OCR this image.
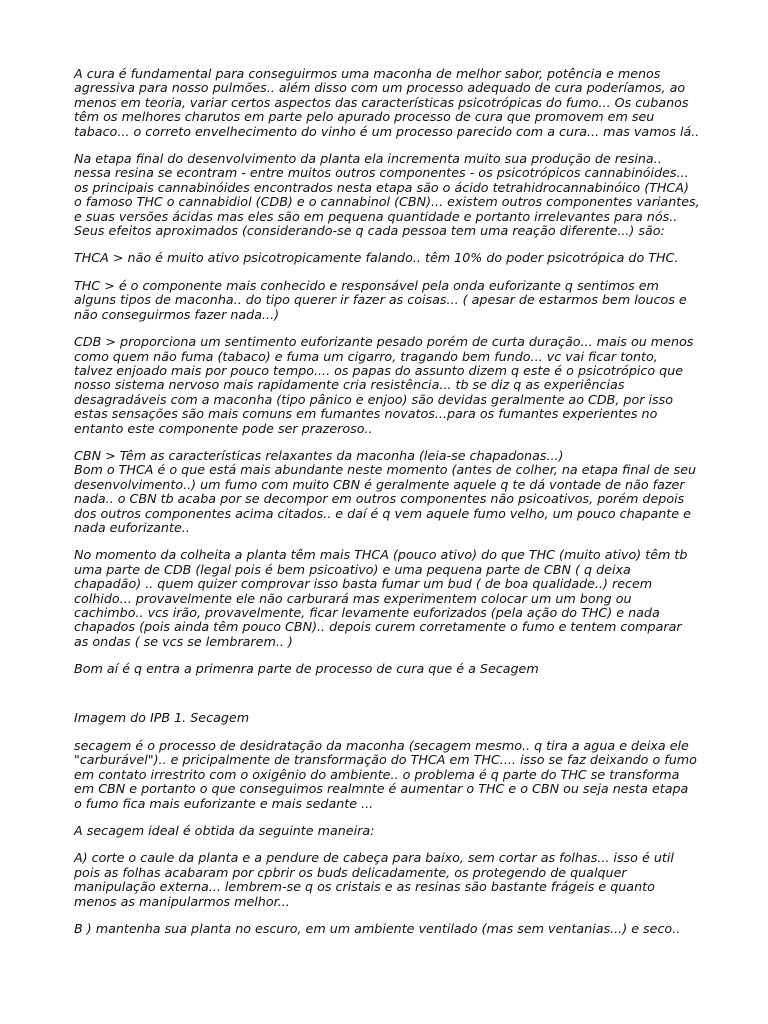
A cura é fundamental para conseguirmos uma maconha de melhor sabor, potência e menos
agressiva para nosso pulmões.. além disso com um processo adequado de cura poderíamos, ao
menos em teoria, variar certos aspectos das características psicotrópicas do fumo... Os cubanos
têm os melhores charutos em parte pelo apurado processo de cura que promovem em seu
tabaco... o correto envelhecimento do vinho é um processo parecido com a cura... mas vamos lá..

Na etapa final do desenvolvimento da planta ela incrementa muito sua produção de resina..
nessa resina se econtram - entre muitos outros componentes - os psicotrópicos cannabinóides...
os principais cannabinóides encontrados nesta etapa são o ácido tetrahidrocannabinóico (THCA)
o famoso THC o cannabidiol (CDB) e o cannabinol (CBN)... existem outros componentes variantes,
e suas versões ácidas mas eles são em pequena quantidade e portanto irrelevantes para nós..
Seus efeitos aproximados (considerando-se q cada pessoa tem uma reação diferente...) são:

THCA > não é muito ativo psicotropicamente falando.. têm 10% do poder psicotrópica do THC.

THC > é o componente mais conhecido e responsável pela onda euforizante q sentimos em
alguns tipos de maconha.. do tipo querer ir fazer as coisas... ( apesar de estarmos bem loucos e
não conseguirmos fazer nada...)

CDB > proporciona um sentimento euforizante pesado porém de curta duração... mais ou menos
como quem não fuma (tabaco) e fuma um cigarro, tragando bem fundo... vc vai ficar tonto,
talvez enjoado mais por pouco tempo.... os papas do assunto dizem q este é o psicotrópico que
nosso sistema nervoso mais rapidamente cria resistência... tb se diz q as experiências
desagradáveis com a maconha (tipo pânico e enjoo) são devidas geralmente ao CDB, por isso
estas sensações são mais comuns em fumantes novatos...para os fumantes experientes no
entanto este componente pode ser prazeroso..

CBN > Têm as características relaxantes da maconha (leia-se chapadonas...)
Bom o THCA é o que está mais abundante neste momento (antes de colher, na etapa final de seu
desenvolvimento..) um fumo com muito CBN é geralmente aquele q te dá vontade de não fazer
nada.. o CBN tb acaba por se decompor em outros componentes não psicoativos, porém depois
dos outros componentes acima citados.. e daí é q vem aquele fumo velho, um pouco chapante e
nada euforizante..

No momento da colheita a planta têm mais THCA (pouco ativo) do que THC (muito ativo) têm tb
uma parte de CDB (legal pois é bem psicoativo) e uma pequena parte de CBN ( q deixa
chapadão) .. quem quizer comprovar isso basta fumar um bud ( de boa qualidade..) recem
colhido... provavelmente ele não carburará mas experimentem colocar um um bong ou
cachimbo.. vcs irão, provavelmente, ficar levamente euforizados (pela ação do THC) e nada
chapados (pois ainda têm pouco CBN).. depois curem corretamente o fumo e tentem comparar
as ondas ( se vcs se lembrarem.. )

Bom aí é q entra a primenra parte de processo de cura que é a Secagem

Imagem do IPB 1. Secagem

secagem é o processo de desidratação da maconha (secagem mesmo.. q tira a agua e deixa ele
"carburável").. e pricipalmente de transformação do THCA em THC.... isso se faz deixando o fumo
em contato irrestrito com o oxigênio do ambiente.. o problema é q parte do THC se transforma
em CBN e portanto o que conseguimos realmnte é aumentar o THC e o CBN ou seja nesta etapa
o fumo fica mais euforizante e mais sedante ...

A secagem ideal é obtida da seguinte maneira:

A) corte o caule da planta e a pendure de cabeça para baixo, sem cortar as folhas... isso é util
pois as folhas acabaram por cpbrir os buds delicadamente, os protegendo de qualquer
manipulação externa... lembrem-se q os cristais e as resinas são bastante frágeis e quanto
menos as manipularmos melhor...

B ) mantenha sua planta no escuro, em um ambiente ventilado (mas sem ventanias...) e seco..
